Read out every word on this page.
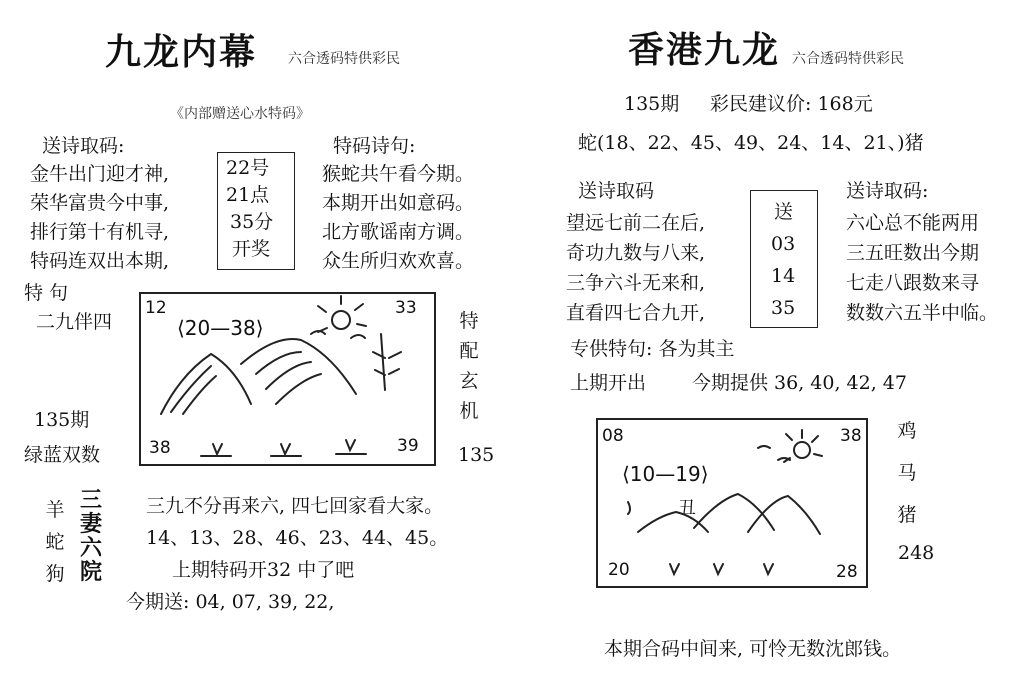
九龙内幕 六合透码特供彩民
《内部赠送心水特码》
送诗取码:	特码诗句:
金牛出门迎才神,
荣华富贵今中事,
排行第十有机寻,
特码连双出本期,
22号
21点
35分
开奖
猴蛇共午看今期。
本期开出如意码。
北方歌谣南方调。
众生所归欢欢喜。
特 句
二九伴四
135期
绿蓝双数
12
⟨20—38⟩
33
38	39
特
配
玄
机
135
羊
蛇
狗
三
妻
六
院
三九不分再来六, 四七回家看大家。
14、13、28、46、23、44、45。
上期特码开32 中了吧
今期送: 04, 07, 39, 22,
香港九龙 六合透码特供彩民
135期 彩民建议价: 168元
蛇(18、22、45、49、24、14、21、)猪
送诗取码	送诗取码:
望远七前二在后,
奇功九数与八来,
三争六斗无来和,
直看四七合九开,
送
03
14
35
六心总不能两用
三五旺数出今期
七走八跟数来寻
数数六五半中临。
专供特句: 各为其主
上期开出 今期提供 36, 40, 42, 47
08
⟨10—19⟩
丑
38
20	28
鸡
马
猪
248
本期合码中间来, 可怜无数沈郎钱。
